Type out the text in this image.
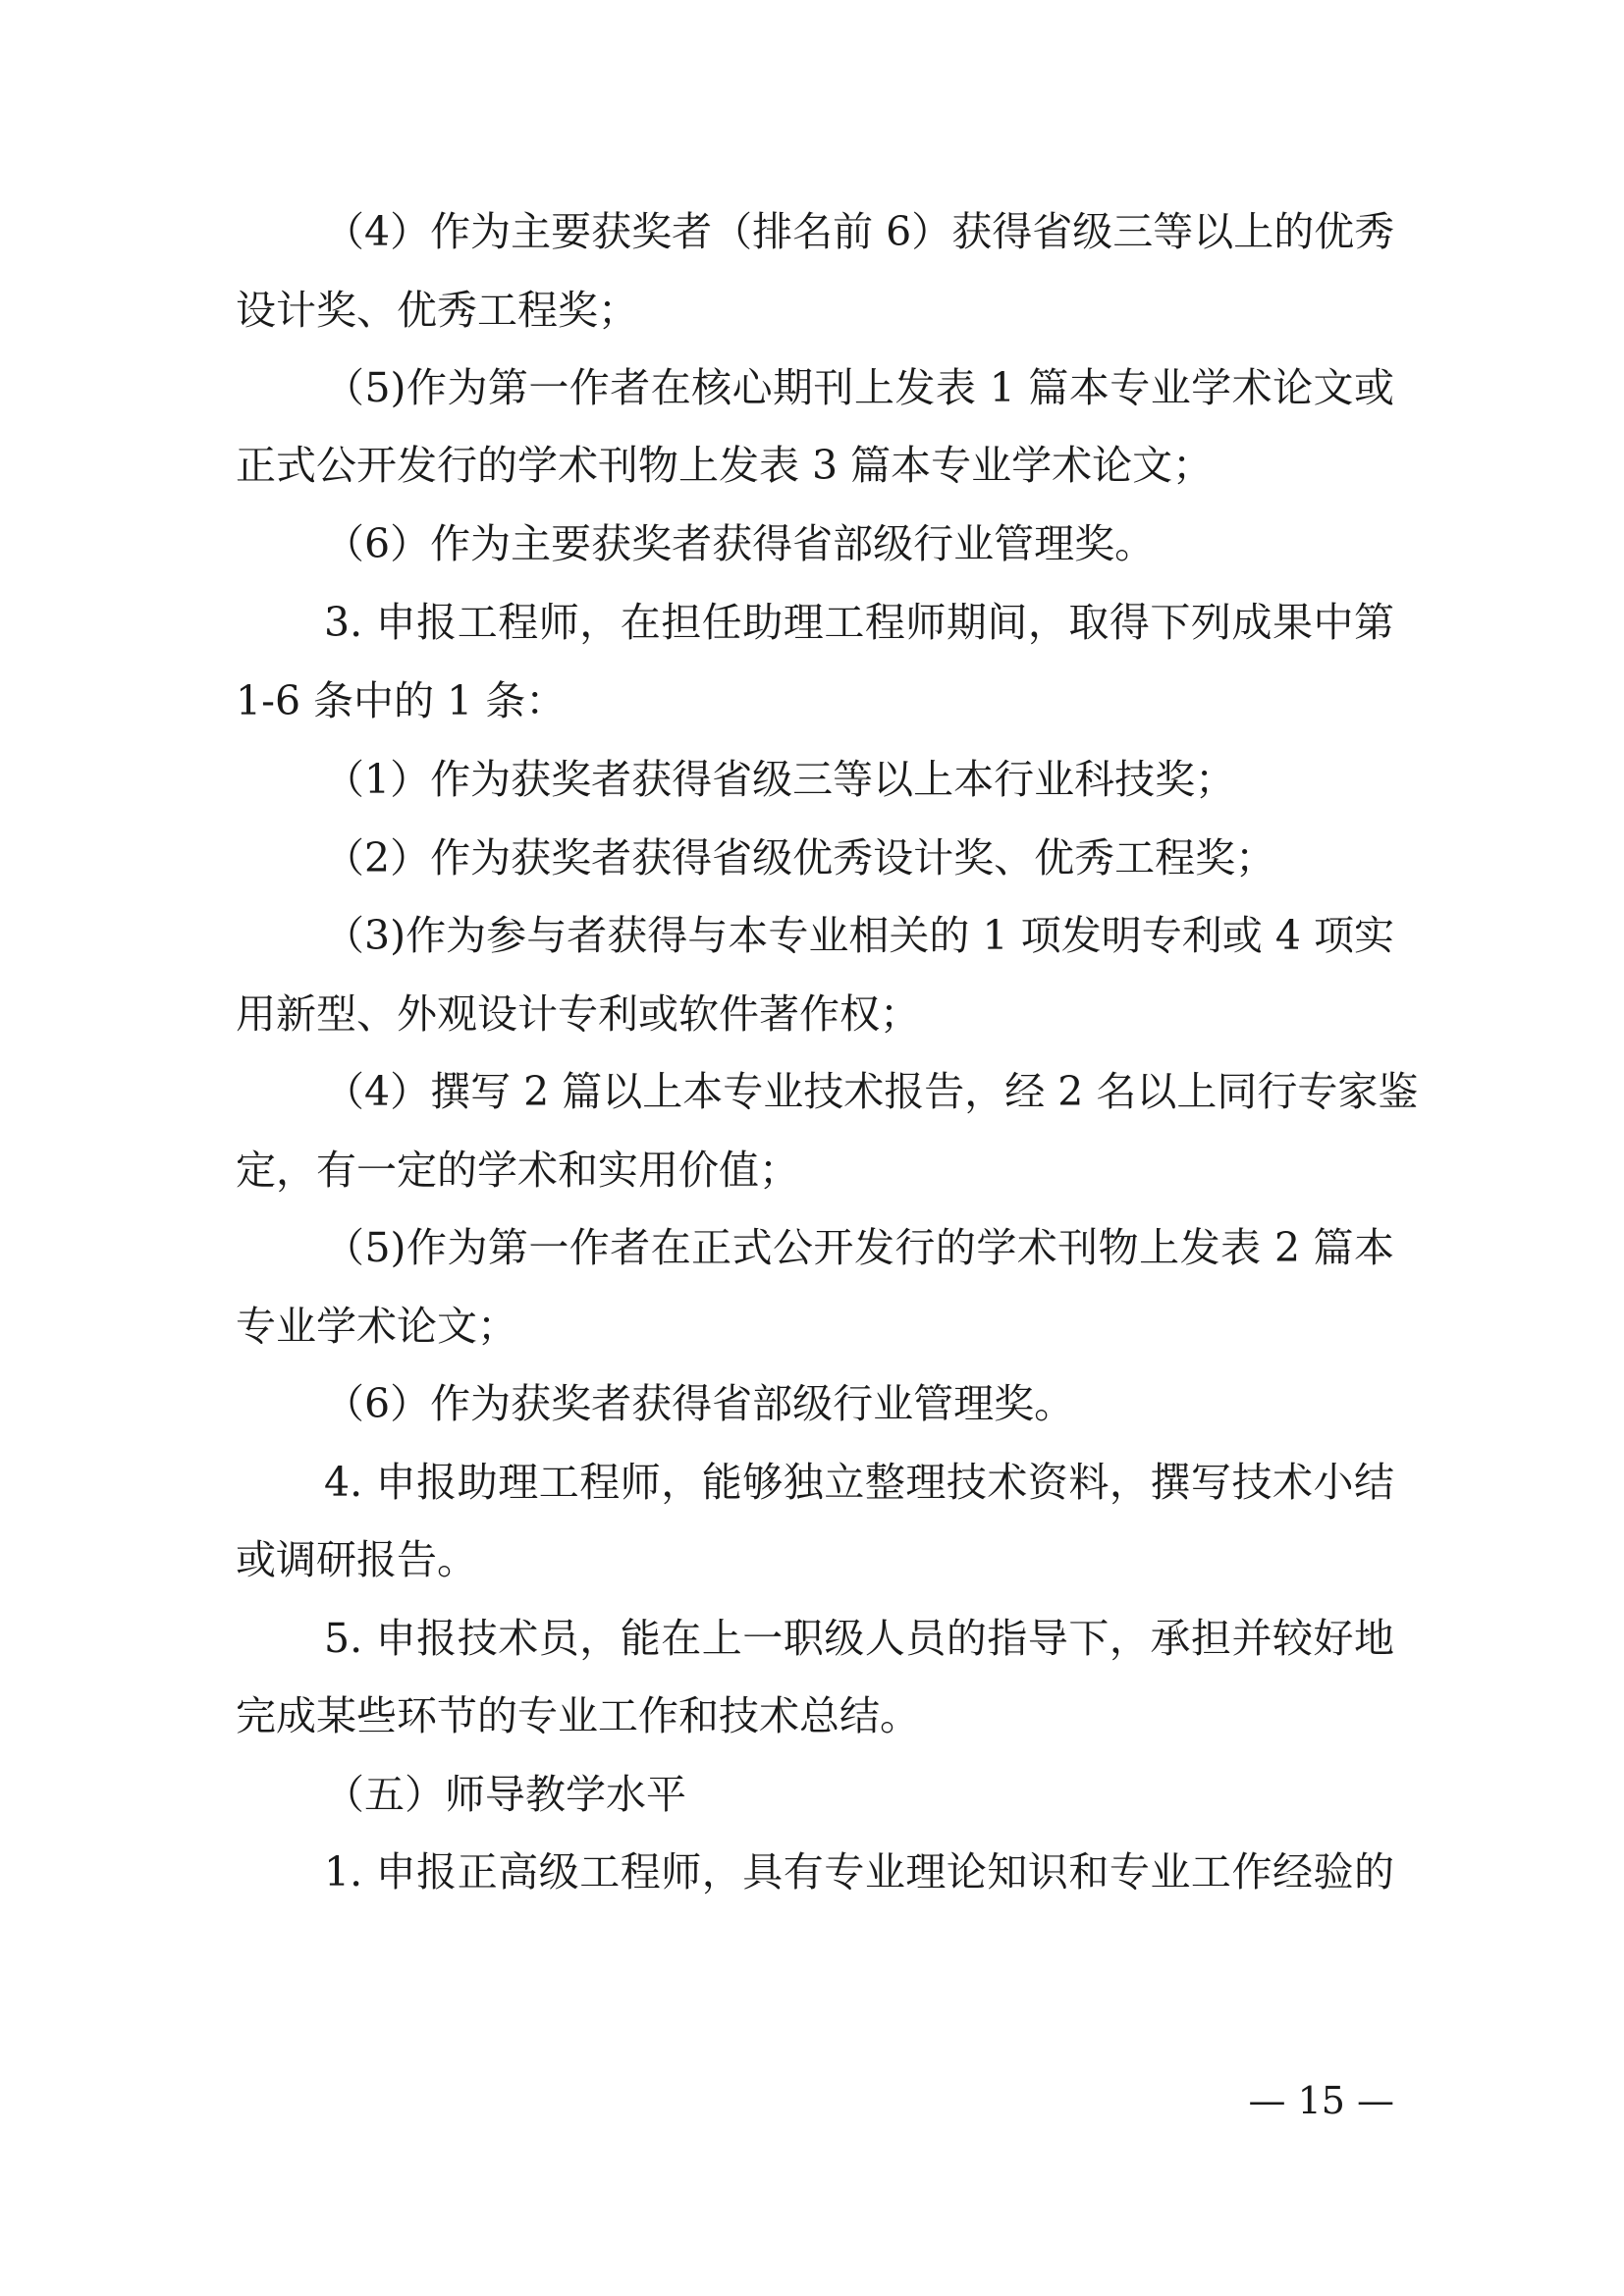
（4）作为主要获奖者（排名前 6）获得省级三等以上的优秀
设计奖、优秀工程奖；
（5)作为第一作者在核心期刊上发表 1 篇本专业学术论文或
正式公开发行的学术刊物上发表 3 篇本专业学术论文；
（6）作为主要获奖者获得省部级行业管理奖。
3. 申报工程师，在担任助理工程师期间，取得下列成果中第
1-6 条中的 1 条：
（1）作为获奖者获得省级三等以上本行业科技奖；
（2）作为获奖者获得省级优秀设计奖、优秀工程奖；
（3)作为参与者获得与本专业相关的 1 项发明专利或 4 项实
用新型、外观设计专利或软件著作权；
（4）撰写 2 篇以上本专业技术报告，经 2 名以上同行专家鉴
定，有一定的学术和实用价值；
（5)作为第一作者在正式公开发行的学术刊物上发表 2 篇本
专业学术论文；
（6）作为获奖者获得省部级行业管理奖。
4. 申报助理工程师，能够独立整理技术资料，撰写技术小结
或调研报告。
5. 申报技术员，能在上一职级人员的指导下，承担并较好地
完成某些环节的专业工作和技术总结。
（五）师导教学水平
1. 申报正高级工程师，具有专业理论知识和专业工作经验的
— 15 —
